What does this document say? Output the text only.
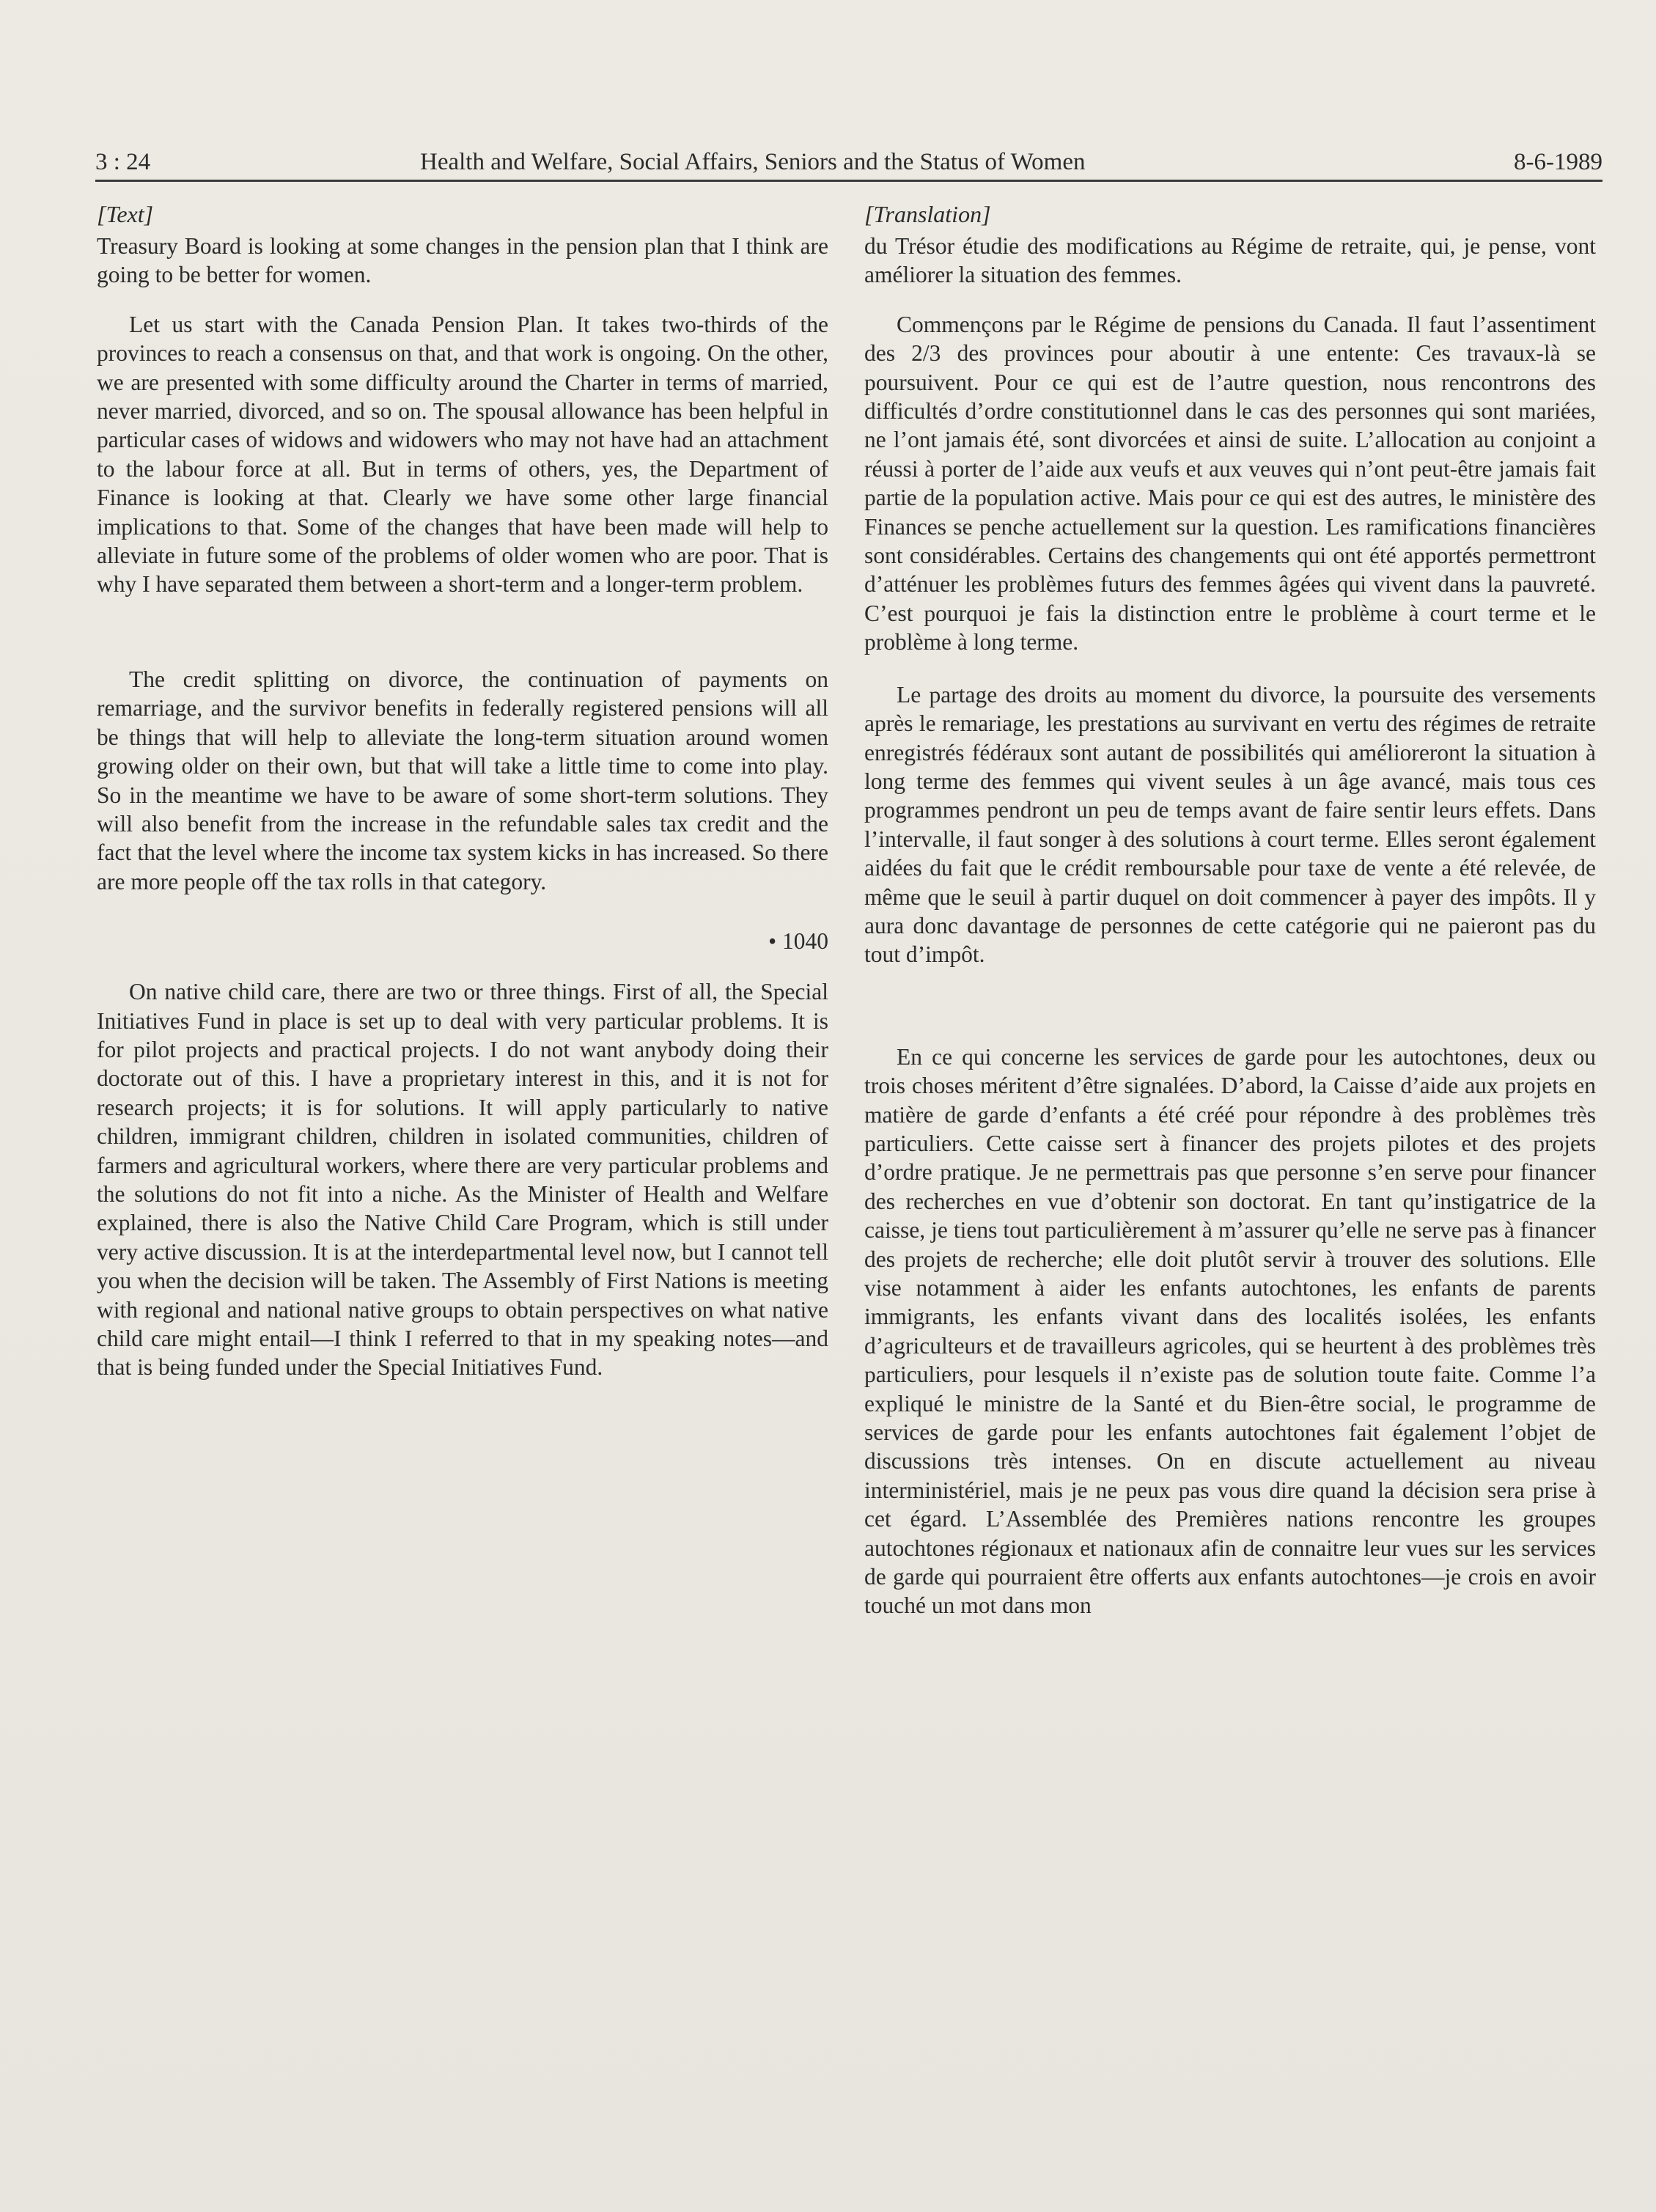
3 : 24	Health and Welfare, Social Affairs, Seniors and the Status of Women	8-6-1989
[Text]

Treasury Board is looking at some changes in the pension plan that I think are going to be better for women.

Let us start with the Canada Pension Plan. It takes two-thirds of the provinces to reach a consensus on that, and that work is ongoing. On the other, we are presented with some difficulty around the Charter in terms of married, never married, divorced, and so on. The spousal allowance has been helpful in particular cases of widows and widowers who may not have had an attachment to the labour force at all. But in terms of others, yes, the Department of Finance is looking at that. Clearly we have some other large financial implications to that. Some of the changes that have been made will help to alleviate in future some of the problems of older women who are poor. That is why I have separated them between a short-term and a longer-term problem.

The credit splitting on divorce, the continuation of payments on remarriage, and the survivor benefits in federally registered pensions will all be things that will help to alleviate the long-term situation around women growing older on their own, but that will take a little time to come into play. So in the meantime we have to be aware of some short-term solutions. They will also benefit from the increase in the refundable sales tax credit and the fact that the level where the income tax system kicks in has increased. So there are more people off the tax rolls in that category.

• 1040

On native child care, there are two or three things. First of all, the Special Initiatives Fund in place is set up to deal with very particular problems. It is for pilot projects and practical projects. I do not want anybody doing their doctorate out of this. I have a proprietary interest in this, and it is not for research projects; it is for solutions. It will apply particularly to native children, immigrant children, children in isolated communities, children of farmers and agricultural workers, where there are very particular problems and the solutions do not fit into a niche. As the Minister of Health and Welfare explained, there is also the Native Child Care Program, which is still under very active discussion. It is at the interdepartmental level now, but I cannot tell you when the decision will be taken. The Assembly of First Nations is meeting with regional and national native groups to obtain perspectives on what native child care might entail—I think I referred to that in my speaking notes—and that is being funded under the Special Initiatives Fund.

[Translation]

du Trésor étudie des modifications au Régime de retraite, qui, je pense, vont améliorer la situation des femmes.

Commençons par le Régime de pensions du Canada. Il faut l’assentiment des 2/3 des provinces pour aboutir à une entente: Ces travaux-là se poursuivent. Pour ce qui est de l’autre question, nous rencontrons des difficultés d’ordre constitutionnel dans le cas des personnes qui sont mariées, ne l’ont jamais été, sont divorcées et ainsi de suite. L’allocation au conjoint a réussi à porter de l’aide aux veufs et aux veuves qui n’ont peut-être jamais fait partie de la population active. Mais pour ce qui est des autres, le ministère des Finances se penche actuellement sur la question. Les ramifications financières sont considérables. Certains des changements qui ont été apportés permettront d’atténuer les problèmes futurs des femmes âgées qui vivent dans la pauvreté. C’est pourquoi je fais la distinction entre le problème à court terme et le problème à long terme.

Le partage des droits au moment du divorce, la poursuite des versements après le remariage, les prestations au survivant en vertu des régimes de retraite enregistrés fédéraux sont autant de possibilités qui amélioreront la situation à long terme des femmes qui vivent seules à un âge avancé, mais tous ces programmes pendront un peu de temps avant de faire sentir leurs effets. Dans l’intervalle, il faut songer à des solutions à court terme. Elles seront également aidées du fait que le crédit remboursable pour taxe de vente a été relevée, de même que le seuil à partir duquel on doit commencer à payer des impôts. Il y aura donc davantage de personnes de cette catégorie qui ne paieront pas du tout d’impôt.

En ce qui concerne les services de garde pour les autochtones, deux ou trois choses méritent d’être signalées. D’abord, la Caisse d’aide aux projets en matière de garde d’enfants a été créé pour répondre à des problèmes très particuliers. Cette caisse sert à financer des projets pilotes et des projets d’ordre pratique. Je ne permettrais pas que personne s’en serve pour financer des recherches en vue d’obtenir son doctorat. En tant qu’instigatrice de la caisse, je tiens tout particulièrement à m’assurer qu’elle ne serve pas à financer des projets de recherche; elle doit plutôt servir à trouver des solutions. Elle vise notamment à aider les enfants autochtones, les enfants de parents immigrants, les enfants vivant dans des localités isolées, les enfants d’agriculteurs et de travailleurs agricoles, qui se heurtent à des problèmes très particuliers, pour lesquels il n’existe pas de solution toute faite. Comme l’a expliqué le ministre de la Santé et du Bien-être social, le programme de services de garde pour les enfants autochtones fait également l’objet de discussions très intenses. On en discute actuellement au niveau interministériel, mais je ne peux pas vous dire quand la décision sera prise à cet égard. L’Assemblée des Premières nations rencontre les groupes autochtones régionaux et nationaux afin de connaitre leur vues sur les services de garde qui pourraient être offerts aux enfants autochtones—je crois en avoir touché un mot dans mon
